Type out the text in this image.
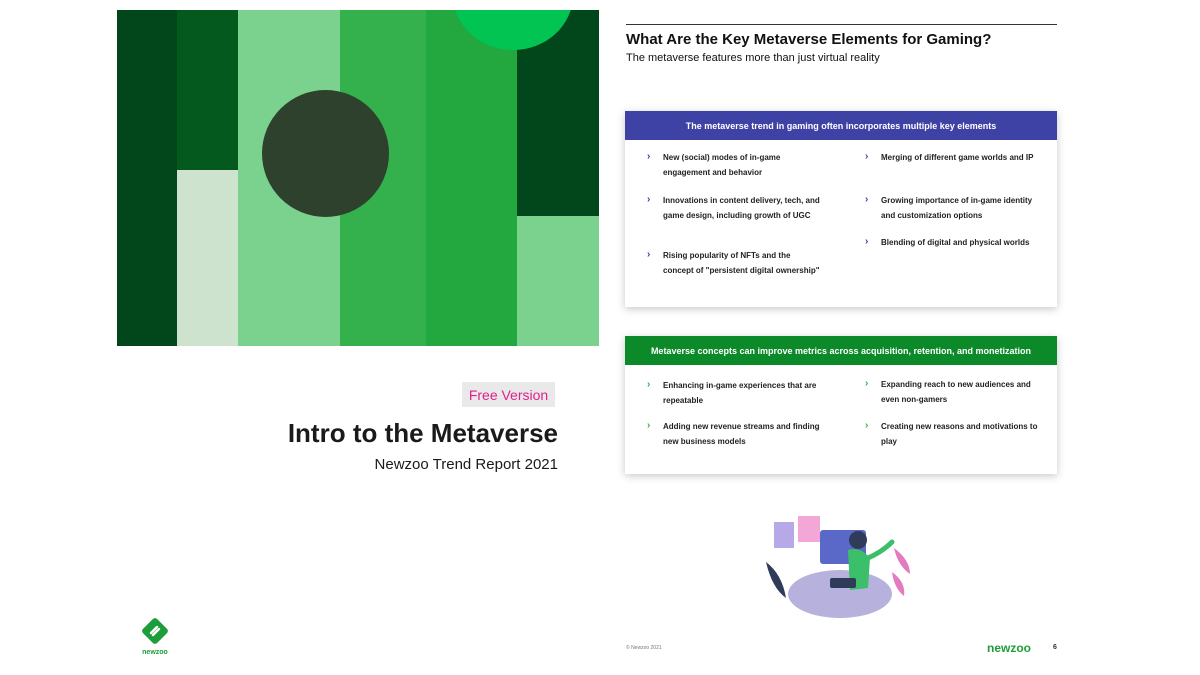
Free Version
Intro to the Metaverse
Newzoo Trend Report 2021
newzoo
What Are the Key Metaverse Elements for Gaming?
The metaverse features more than just virtual reality
The metaverse trend in gaming often incorporates multiple key elements
› New (social) modes of in-game engagement and behavior
› Innovations in content delivery, tech, and game design, including growth of UGC
› Rising popularity of NFTs and the concept of "persistent digital ownership"
› Merging of different game worlds and IP
› Growing importance of in-game identity and customization options
› Blending of digital and physical worlds
Metaverse concepts can improve metrics across acquisition, retention, and monetization
› Enhancing in-game experiences that are repeatable
› Adding new revenue streams and finding new business models
› Expanding reach to new audiences and even non-gamers
› Creating new reasons and motivations to play
© Newzoo 2021	newzoo	6
